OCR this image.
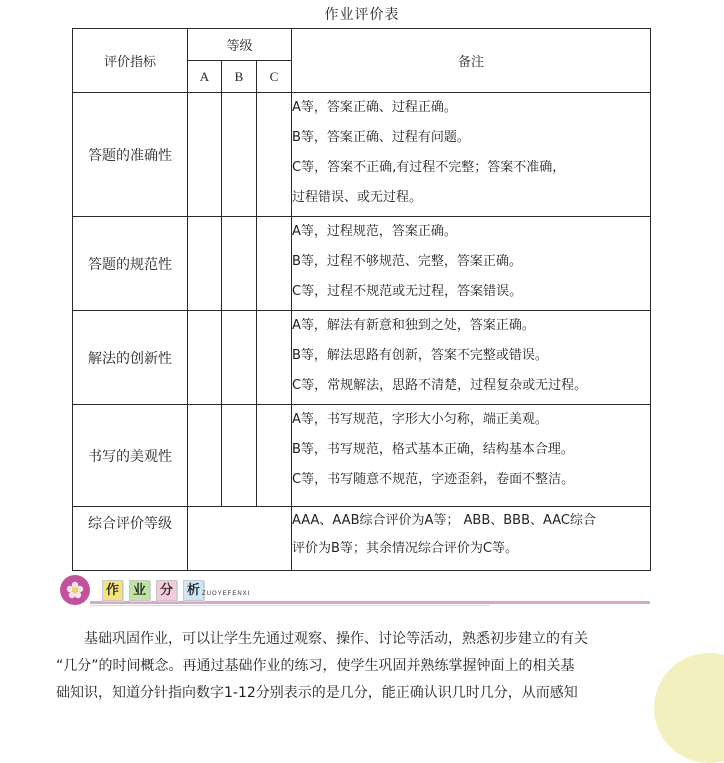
作业评价表
评价指标	等级			备注
	A	B	C	
答题的准确性				A等，答案正确、过程正确。
B等，答案正确、过程有问题。
C等，答案不正确,有过程不完整；答案不准确，
过程错误、或无过程。

答题的规范性				A等，过程规范，答案正确。
B等，过程不够规范、完整，答案正确。
C等，过程不规范或无过程，答案错误。

解法的创新性				A等，解法有新意和独到之处，答案正确。
B等，解法思路有创新，答案不完整或错误。
C等，常规解法，思路不清楚，过程复杂或无过程。

书写的美观性				A等，书写规范，字形大小匀称，端正美观。
B等，书写规范，格式基本正确，结构基本合理。
C等，书写随意不规范，字迹歪斜，卷面不整洁。

综合评价等级				AAA、AAB综合评价为A等； ABB、BBB、AAC综合
评价为B等；其余情况综合评价为C等。
作	业	分	析 ZUOYEFENXI
基础巩固作业，可以让学生先通过观察、操作、讨论等活动，熟悉初步建立的有关
“几分”的时间概念。再通过基础作业的练习，使学生巩固并熟练掌握钟面上的相关基
础知识，知道分针指向数字1-12分别表示的是几分，能正确认识几时几分，从而感知
